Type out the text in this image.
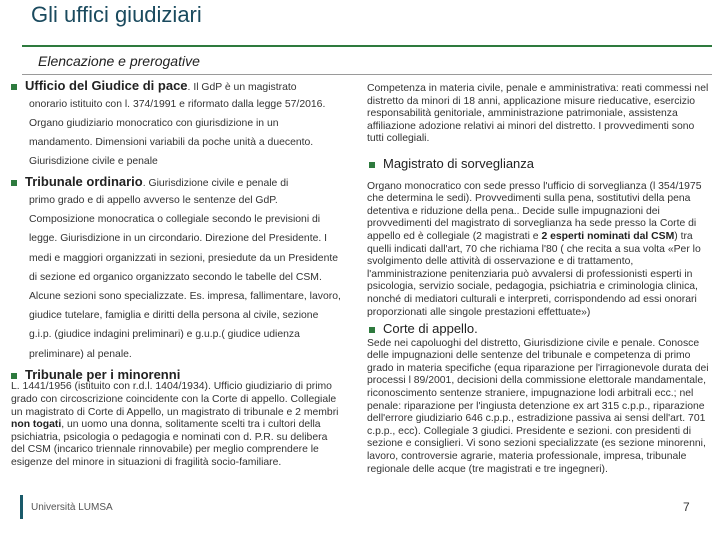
Gli uffici giudiziari
Elencazione e prerogative
Ufficio del Giudice di pace. Il GdP è un magistrato

onorario istituito con l. 374/1991 e riformato dalla legge 57/2016. Organo giudiziario monocratico con giurisdizione in un mandamento. Dimensioni variabili da poche unità a duecento. Giurisdizione civile e penale

Tribunale ordinario. Giurisdizione civile e penale di

primo grado e di appello avverso le sentenze del GdP. Composizione monocratica o collegiale secondo le previsioni di legge. Giurisdizione in un circondario. Direzione del Presidente. I medi e maggiori organizzati in sezioni, presiedute da un Presidente di sezione ed organico organizzato secondo le tabelle del CSM. Alcune sezioni sono specializzate. Es. impresa, fallimentare, lavoro, giudice tutelare, famiglia e diritti della persona al civile, sezione g.i.p. (giudice indagini preliminari) e g.u.p.( giudice udienza preliminare) al penale.

Tribunale per i minorenni

L. 1441/1956 (istituito con r.d.l. 1404/1934). Ufficio giudiziario di primo grado con circoscrizione coincidente con la Corte di appello. Collegiale un magistrato di Corte di Appello, un magistrato di tribunale e 2 membri non togati, un uomo una donna, solitamente scelti tra i cultori della psichiatria, psicologia o pedagogia e nominati con d. P.R. su delibera del CSM (incarico triennale rinnovabile) per meglio comprendere le esigenze del minore in situazioni di fragilità socio-familiare.

Competenza in materia civile, penale e amministrativa: reati commessi nel distretto da minori di 18 anni, applicazione misure rieducative, esercizio responsabilità genitoriale, amministrazione patrimoniale, assistenza affiliazione adozione relativi ai minori del distretto. I provvedimenti sono tutti collegiali.

Magistrato di sorveglianza

Organo monocratico con sede presso l'ufficio di sorveglianza (l 354/1975 che determina le sedi). Provvedimenti sulla pena, sostitutivi della pena detentiva e riduzione della pena.. Decide sulle impugnazioni dei provvedimenti del magistrato di sorveglianza ha sede presso la Corte di appello ed è collegiale (2 magistrati e 2 esperti nominati dal CSM) tra quelli indicati dall'art, 70 che richiama l'80 ( che recita a sua volta «Per lo svolgimento delle attività di osservazione e di trattamento, l'amministrazione penitenziaria può avvalersi di professionisti esperti in psicologia, servizio sociale, pedagogia, psichiatria e criminologia clinica, nonché di mediatori culturali e interpreti, corrispondendo ad essi onorari proporzionati alle singole prestazioni effettuate»)

Corte di appello.

Sede nei capoluoghi del distretto, Giurisdizione civile e penale. Conosce delle impugnazioni delle sentenze del tribunale e competenza di primo grado in materia specifiche (equa riparazione per l'irragionevole durata dei processi l 89/2001, decisioni della commissione elettorale mandamentale, riconoscimento sentenze straniere, impugnazione lodi arbitrali ecc.; nel penale: riparazione per l'ingiusta detenzione ex art 315 c.p.p., riparazione dell'errore giudiziario 646 c.p.p., estradizione passiva ai sensi dell'art. 701 c.p.p., ecc). Collegiale 3 giudici. Presidente e sezioni. con presidenti di sezione e consiglieri. Vi sono sezioni specializzate (es sezione minorenni, lavoro, controversie agrarie, materia professionale, impresa, tribunale regionale delle acque (tre magistrati e tre ingegneri).

Università LUMSA	7
